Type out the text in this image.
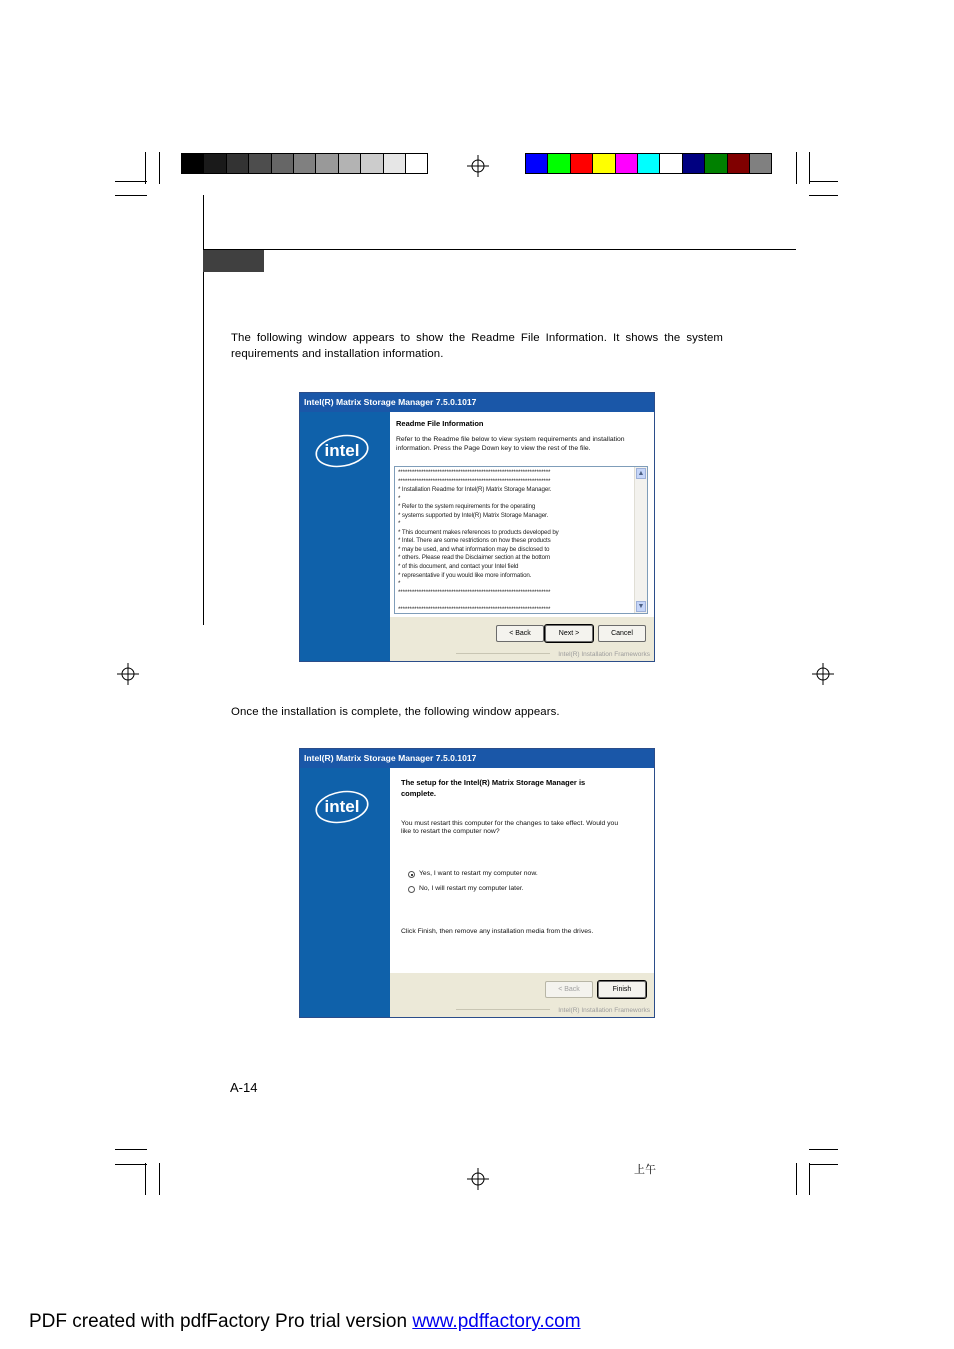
The following window appears to show the Readme File Information. It shows the system requirements and installation information.
Intel(R) Matrix Storage Manager 7.5.0.1017
intel
Readme File Information
Refer to the Readme file below to view system requirements and installation
information. Press the Page Down key to view the rest of the file.
******************************************************************
******************************************************************
* Installation Readme for Intel(R) Matrix Storage Manager.
*
* Refer to the system requirements for the operating
* systems supported by Intel(R) Matrix Storage Manager.
*
* This document makes references to products developed by
* Intel. There are some restrictions on how these products
* may be used, and what information may be disclosed to
* others. Please read the Disclaimer section at the bottom
* of this document, and contact your Intel field
* representative if you would like more information.
*
******************************************************************

******************************************************************
▲
▼
< Back	Next >	Cancel
Intel(R) Installation Frameworks
Once the installation is complete, the following window appears.
Intel(R) Matrix Storage Manager 7.5.0.1017
intel
The setup for the Intel(R) Matrix Storage Manager is
complete.
You must restart this computer for the changes to take effect. Would you
like to restart the computer now?
Yes, I want to restart my computer now.
No, I will restart my computer later.
Click Finish, then remove any installation media from the drives.
< Back	Finish
Intel(R) Installation Frameworks
A-14
上午
PDF created with pdfFactory Pro trial version www.pdffactory.com
